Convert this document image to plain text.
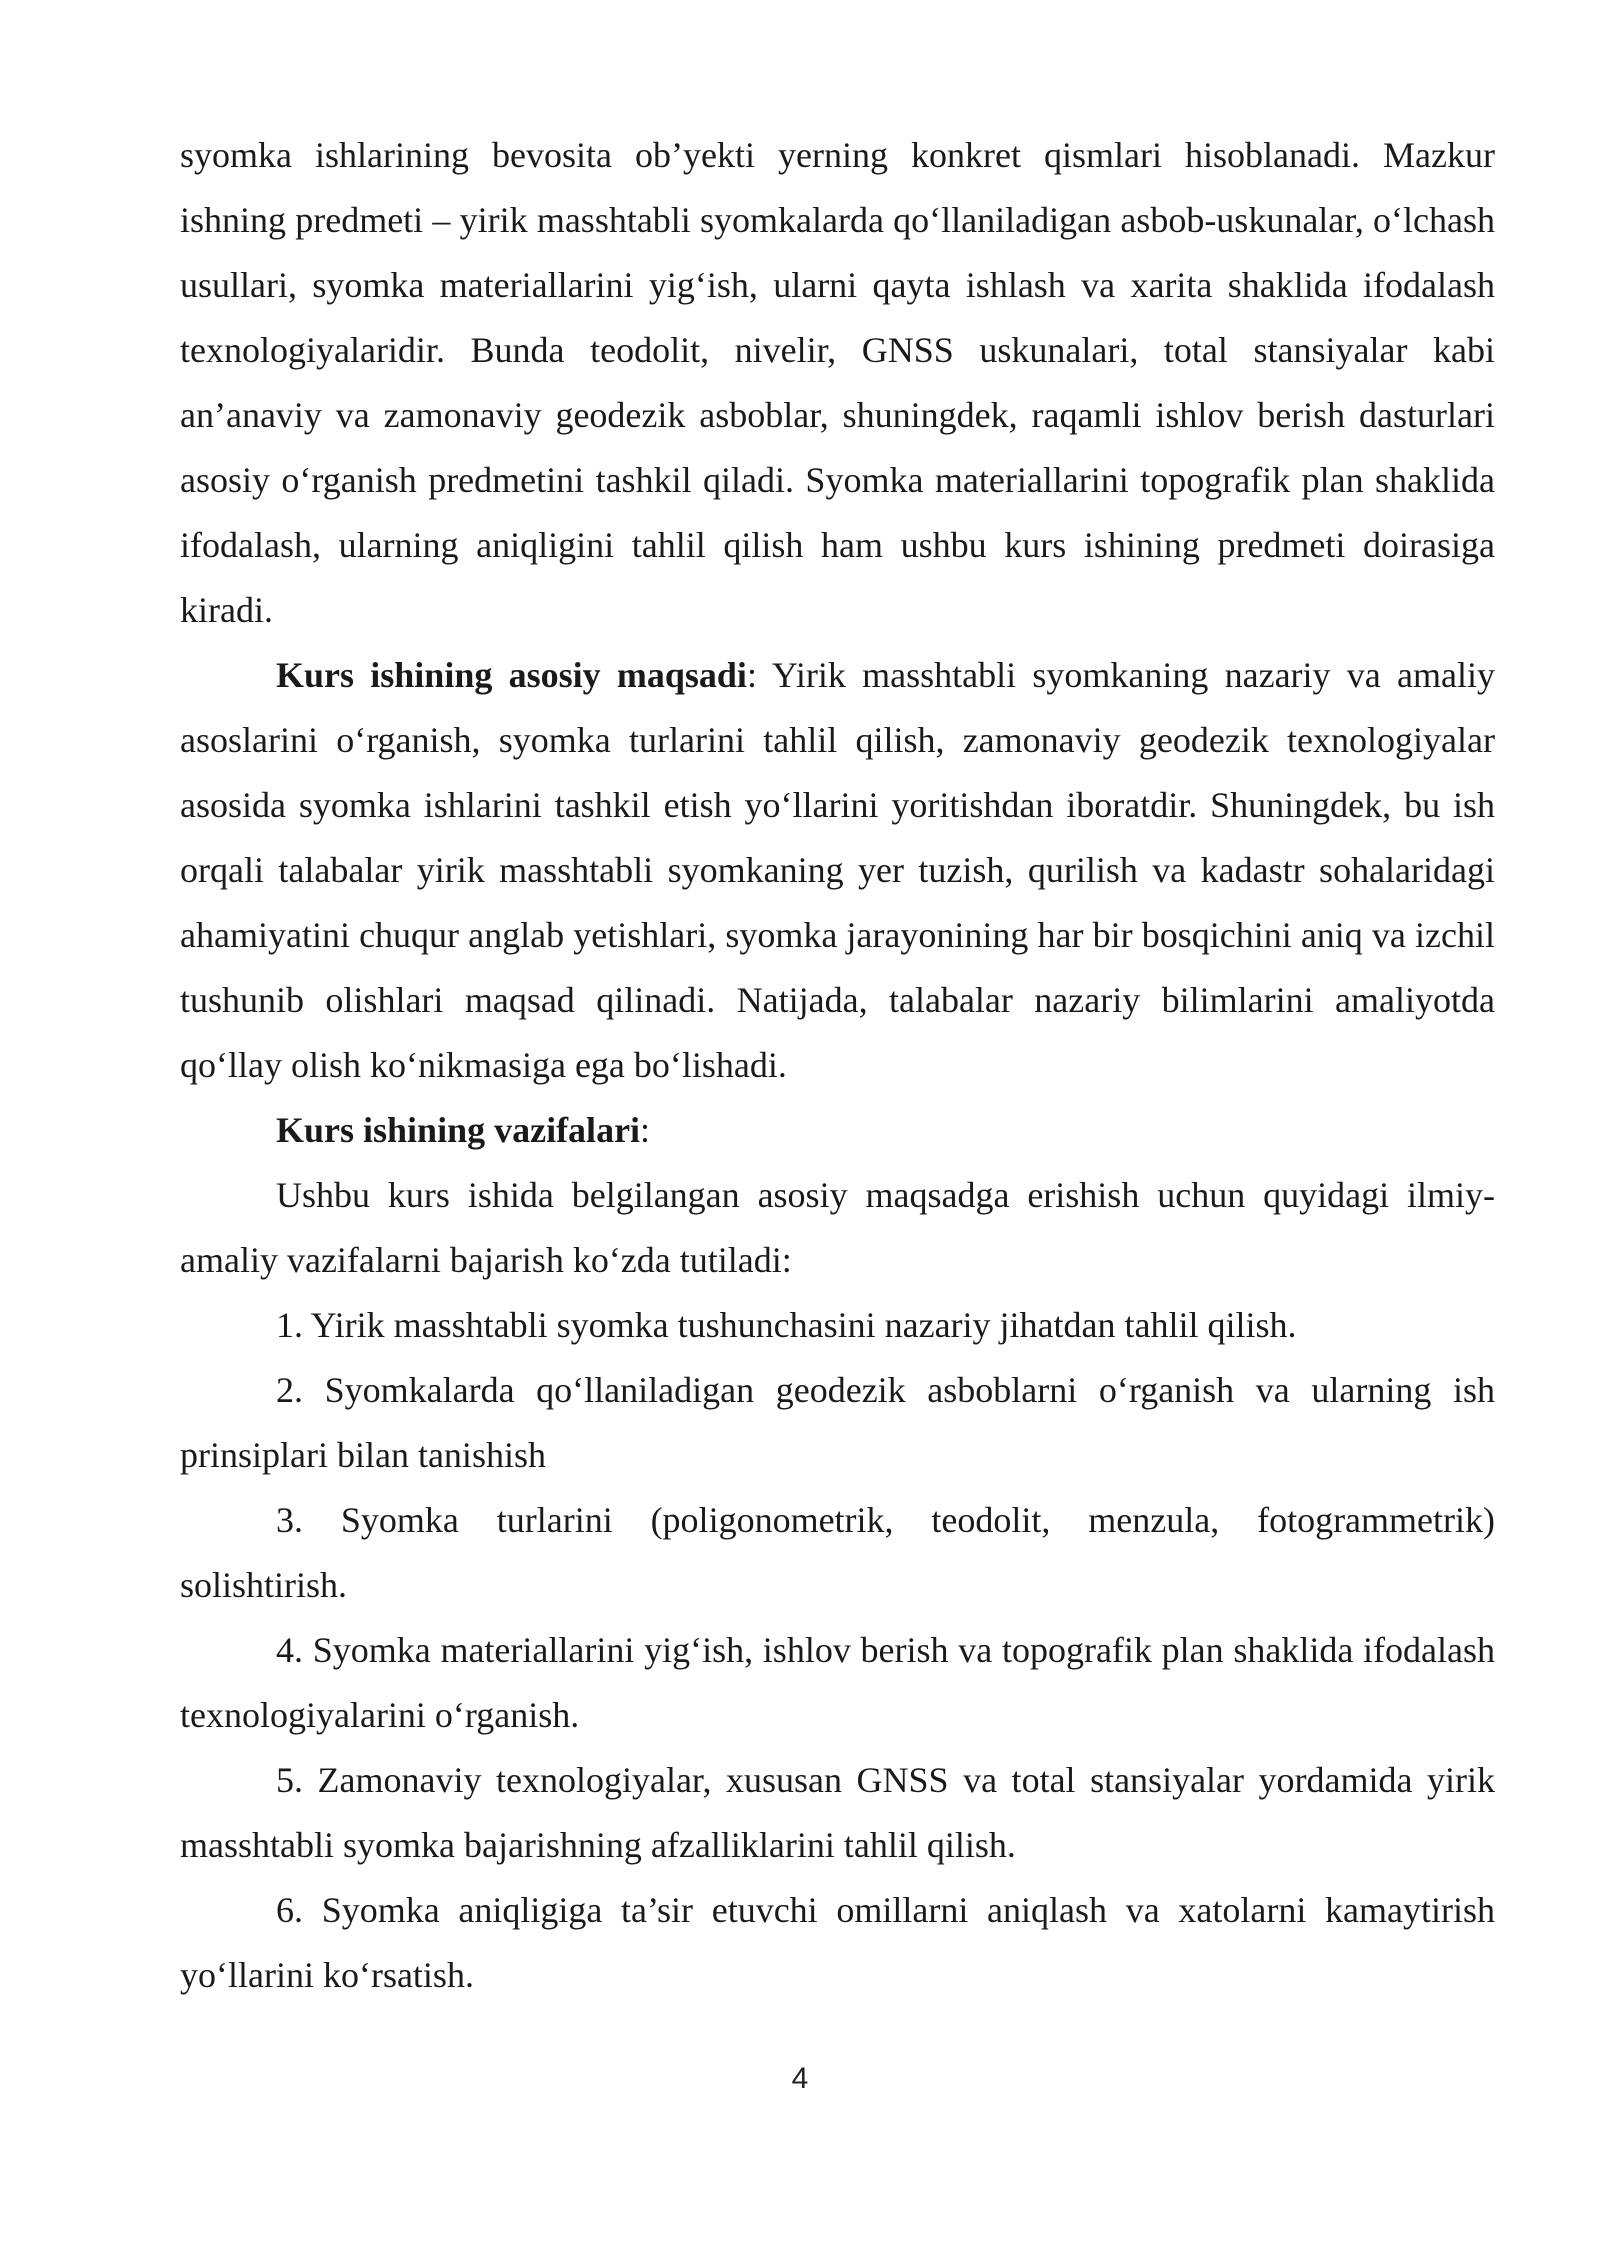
syomka ishlarining bevosita ob’yekti yerning konkret qismlari hisoblanadi. Mazkur ishning predmeti – yirik masshtabli syomkalarda qo‘llaniladigan asbob-uskunalar, o‘lchash usullari, syomka materiallarini yig‘ish, ularni qayta ishlash va xarita shaklida ifodalash texnologiyalaridir. Bunda teodolit, nivelir, GNSS uskunalari, total stansiyalar kabi an’anaviy va zamonaviy geodezik asboblar, shuningdek, raqamli ishlov berish dasturlari asosiy o‘rganish predmetini tashkil qiladi. Syomka materiallarini topografik plan shaklida ifodalash, ularning aniqligini tahlil qilish ham ushbu kurs ishining predmeti doirasiga kiradi.

Kurs ishining asosiy maqsadi: Yirik masshtabli syomkaning nazariy va amaliy asoslarini o‘rganish, syomka turlarini tahlil qilish, zamonaviy geodezik texnologiyalar asosida syomka ishlarini tashkil etish yo‘llarini yoritishdan iboratdir. Shuningdek, bu ish orqali talabalar yirik masshtabli syomkaning yer tuzish, qurilish va kadastr sohalaridagi ahamiyatini chuqur anglab yetishlari, syomka jarayonining har bir bosqichini aniq va izchil tushunib olishlari maqsad qilinadi. Natijada, talabalar nazariy bilimlarini amaliyotda qo‘llay olish ko‘nikmasiga ega bo‘lishadi.

Kurs ishining vazifalari:

Ushbu kurs ishida belgilangan asosiy maqsadga erishish uchun quyidagi ilmiy-amaliy vazifalarni bajarish ko‘zda tutiladi:

1. Yirik masshtabli syomka tushunchasini nazariy jihatdan tahlil qilish.

2. Syomkalarda qo‘llaniladigan geodezik asboblarni o‘rganish va ularning ish prinsiplari bilan tanishish

3. Syomka turlarini (poligonometrik, teodolit, menzula, fotogrammetrik) solishtirish.

4. Syomka materiallarini yig‘ish, ishlov berish va topografik plan shaklida ifodalash texnologiyalarini o‘rganish.

5. Zamonaviy texnologiyalar, xususan GNSS va total stansiyalar yordamida yirik masshtabli syomka bajarishning afzalliklarini tahlil qilish.

6. Syomka aniqligiga ta’sir etuvchi omillarni aniqlash va xatolarni kamaytirish yo‘llarini ko‘rsatish.

4
